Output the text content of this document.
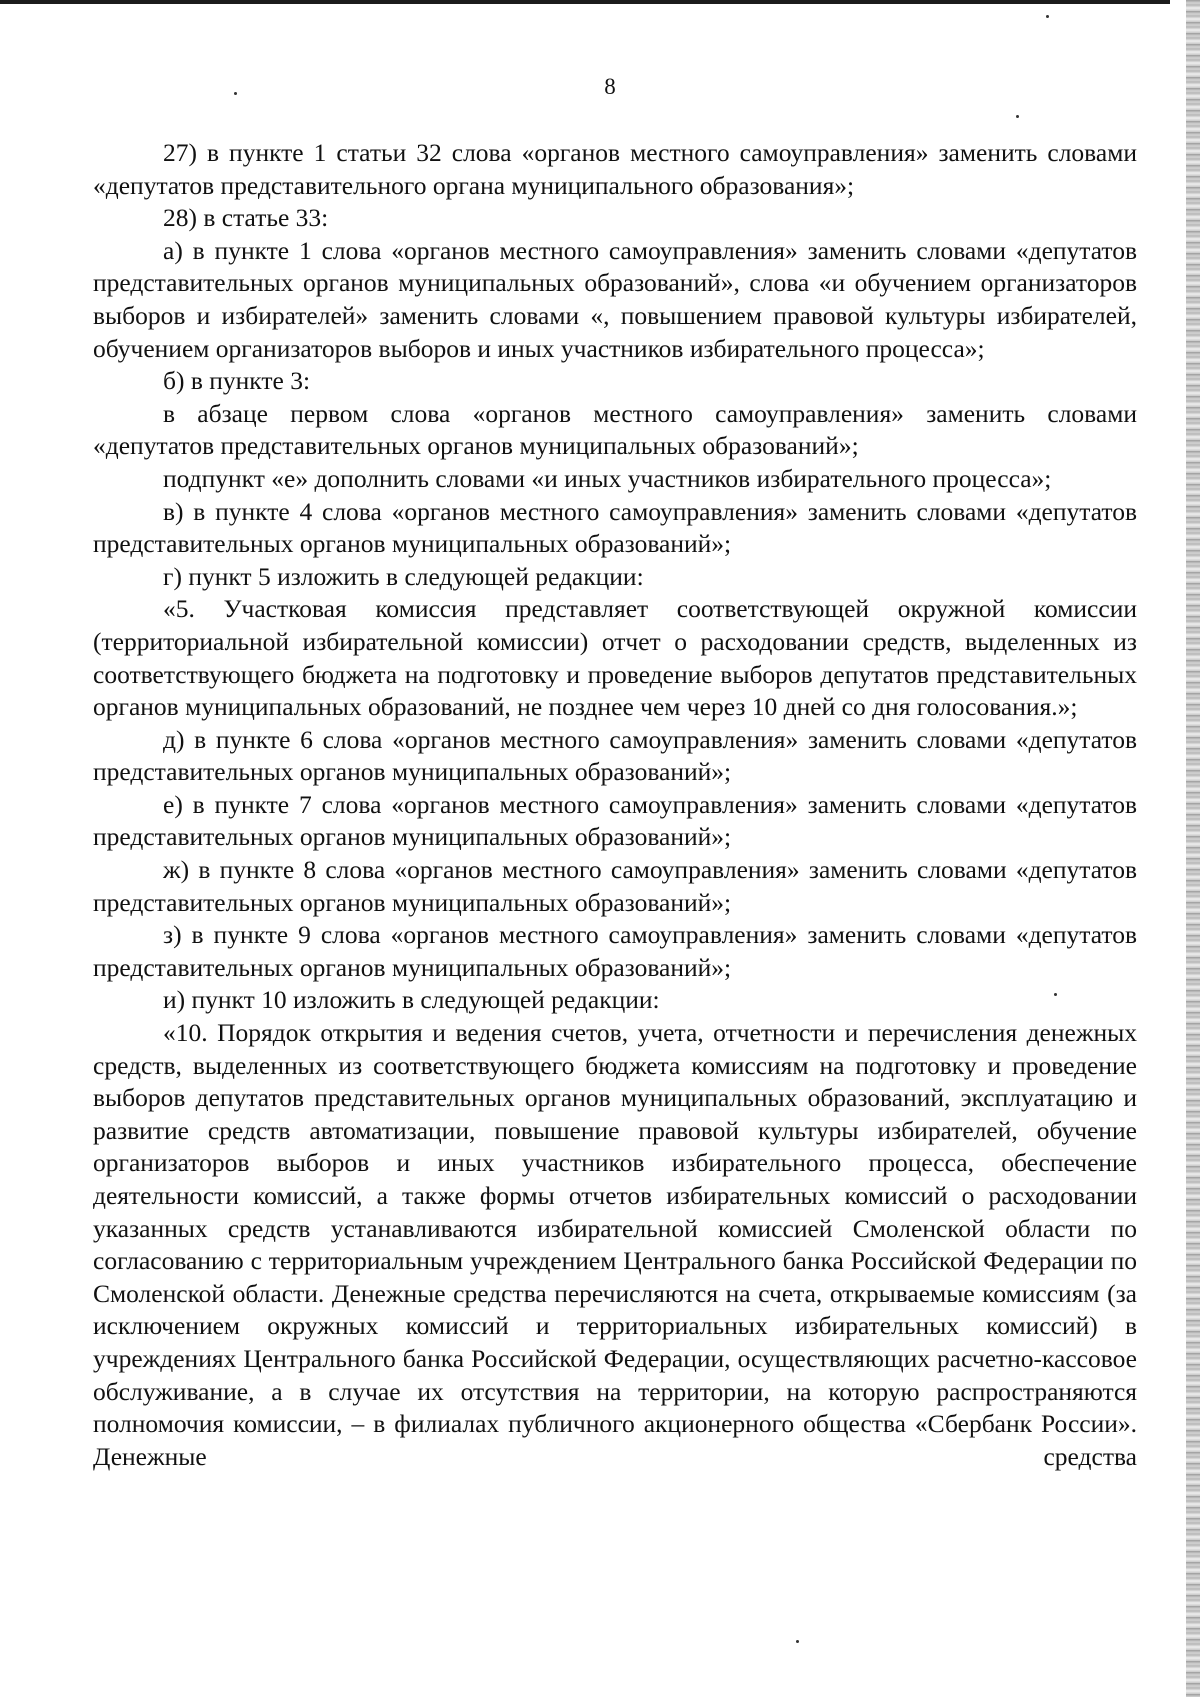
8

27) в пункте 1 статьи 32 слова «органов местного самоуправления» заменить словами «депутатов представительного органа муниципального образования»;

28) в статье 33:

а) в пункте 1 слова «органов местного самоуправления» заменить словами «депутатов представительных органов муниципальных образований», слова «и обучением организаторов выборов и избирателей» заменить словами «, повышением правовой культуры избирателей, обучением организаторов выборов и иных участников избирательного процесса»;

б) в пункте 3:

в абзаце первом слова «органов местного самоуправления» заменить словами «депутатов представительных органов муниципальных образований»;

подпункт «е» дополнить словами «и иных участников избирательного процесса»;

в) в пункте 4 слова «органов местного самоуправления» заменить словами «депутатов представительных органов муниципальных образований»;

г) пункт 5 изложить в следующей редакции:

«5. Участковая комиссия представляет соответствующей окружной комиссии (территориальной избирательной комиссии) отчет о расходовании средств, выделенных из соответствующего бюджета на подготовку и проведение выборов депутатов представительных органов муниципальных образований, не позднее чем через 10 дней со дня голосования.»;

д) в пункте 6 слова «органов местного самоуправления» заменить словами «депутатов представительных органов муниципальных образований»;

е) в пункте 7 слова «органов местного самоуправления» заменить словами «депутатов представительных органов муниципальных образований»;

ж) в пункте 8 слова «органов местного самоуправления» заменить словами «депутатов представительных органов муниципальных образований»;

з) в пункте 9 слова «органов местного самоуправления» заменить словами «депутатов представительных органов муниципальных образований»;

и) пункт 10 изложить в следующей редакции:

«10. Порядок открытия и ведения счетов, учета, отчетности и перечисления денежных средств, выделенных из соответствующего бюджета комиссиям на подготовку и проведение выборов депутатов представительных органов муниципальных образований, эксплуатацию и развитие средств автоматизации, повышение правовой культуры избирателей, обучение организаторов выборов и иных участников избирательного процесса, обеспечение деятельности комиссий, а также формы отчетов избирательных комиссий о расходовании указанных средств устанавливаются избирательной комиссией Смоленской области по согласованию с территориальным учреждением Центрального банка Российской Федерации по Смоленской области. Денежные средства перечисляются на счета, открываемые комиссиям (за исключением окружных комиссий и территориальных избирательных комиссий) в учреждениях Центрального банка Российской Федерации, осуществляющих расчетно-кассовое обслуживание, а в случае их отсутствия на территории, на которую распространяются полномочия комиссии, – в филиалах публичного акционерного общества «Сбербанк России». Денежные средства
